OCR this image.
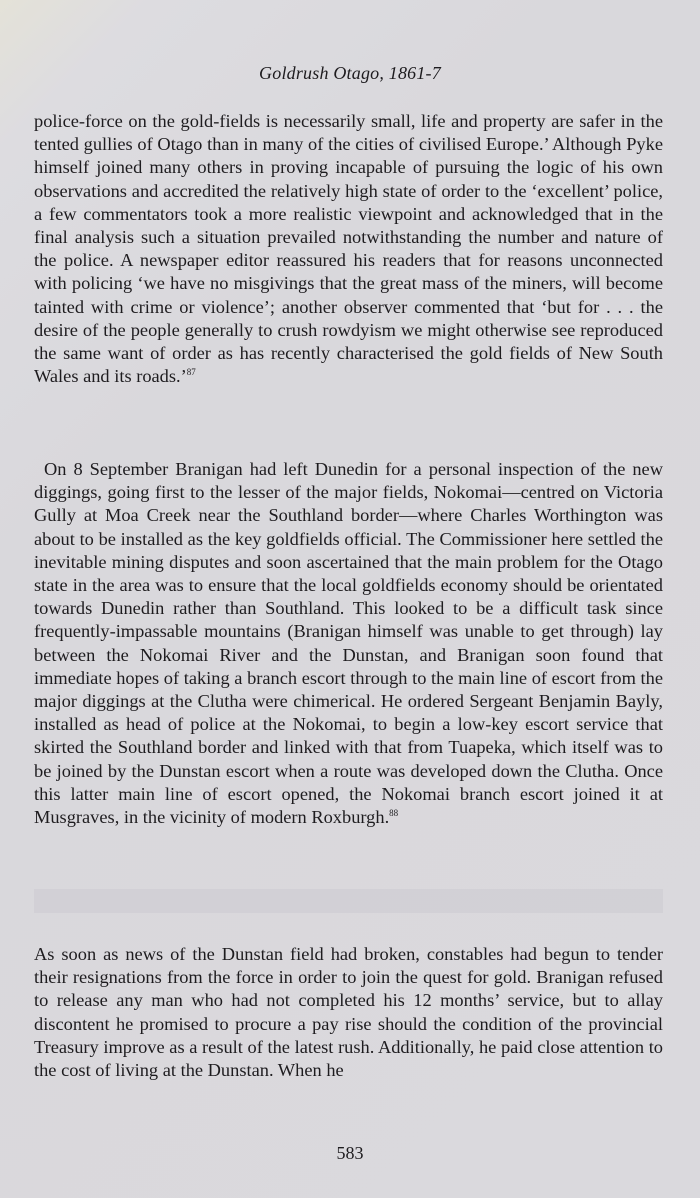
Goldrush Otago, 1861-7

police-force on the gold-fields is necessarily small, life and property are safer in the tented gullies of Otago than in many of the cities of civilised Europe.’ Although Pyke himself joined many others in proving incapable of pursuing the logic of his own observations and accredited the relatively high state of order to the ‘excellent’ police, a few commentators took a more realistic viewpoint and acknowledged that in the final analysis such a situation prevailed notwithstanding the number and nature of the police. A newspaper editor reassured his readers that for reasons unconnected with policing ‘we have no misgivings that the great mass of the miners, will become tainted with crime or violence’; another observer commented that ‘but for . . . the desire of the people generally to crush rowdyism we might otherwise see reproduced the same want of order as has recently characterised the gold fields of New South Wales and its roads.’$^{87}$

On 8 September Branigan had left Dunedin for a personal inspection of the new diggings, going first to the lesser of the major fields, Nokomai—centred on Victoria Gully at Moa Creek near the Southland border—where Charles Worthington was about to be installed as the key goldfields official. The Commissioner here settled the inevitable mining disputes and soon ascertained that the main problem for the Otago state in the area was to ensure that the local goldfields economy should be orientated towards Dunedin rather than Southland. This looked to be a difficult task since frequently-impassable mountains (Branigan himself was unable to get through) lay between the Nokomai River and the Dunstan, and Branigan soon found that immediate hopes of taking a branch escort through to the main line of escort from the major diggings at the Clutha were chimerical. He ordered Sergeant Benjamin Bayly, installed as head of police at the Nokomai, to begin a low-key escort service that skirted the Southland border and linked with that from Tuapeka, which itself was to be joined by the Dunstan escort when a route was developed down the Clutha. Once this latter main line of escort opened, the Nokomai branch escort joined it at Musgraves, in the vicinity of modern Roxburgh.$^{88}$

As soon as news of the Dunstan field had broken, constables had begun to tender their resignations from the force in order to join the quest for gold. Branigan refused to release any man who had not completed his 12 months’ service, but to allay discontent he promised to procure a pay rise should the condition of the provincial Treasury improve as a result of the latest rush. Additionally, he paid close attention to the cost of living at the Dunstan. When he

583
